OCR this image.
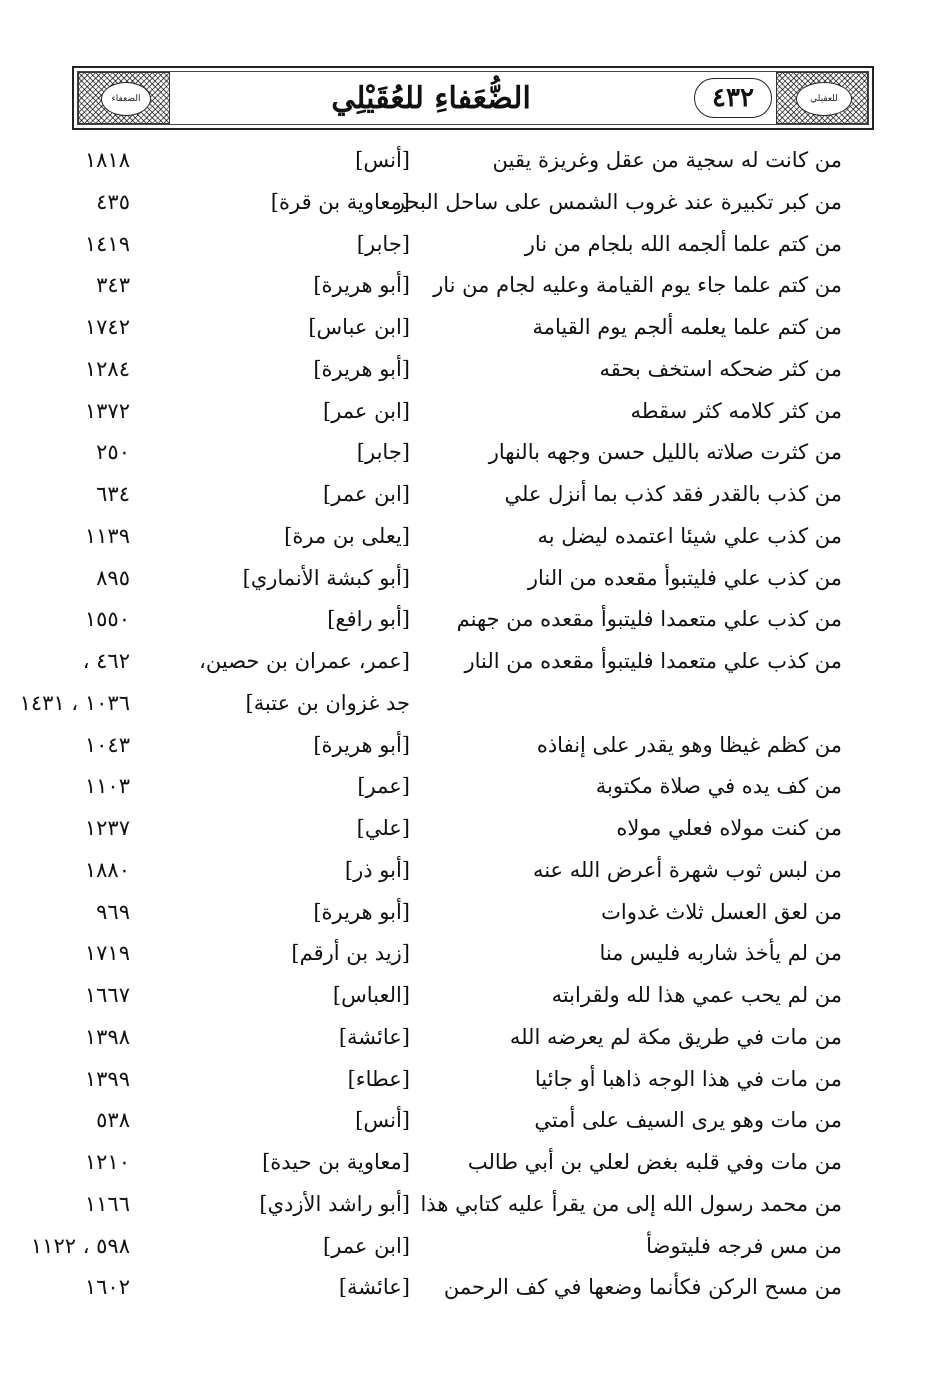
للعقيلي
٤٣٢
الضُّعَفاءِ للعُقَيْلِي
الضعفاء
من كانت له سجية من عقل وغريزة يقين
[أنس]
١٨١٨
من كبر تكبيرة عند غروب الشمس على ساحل البحر
[معاوية بن قرة]
٤٣٥
من كتم علما ألجمه الله بلجام من نار
[جابر]
١٤١٩
من كتم علما جاء يوم القيامة وعليه لجام من نار
[أبو هريرة]
٣٤٣
من كتم علما يعلمه ألجم يوم القيامة
[ابن عباس]
١٧٤٢
من كثر ضحكه استخف بحقه
[أبو هريرة]
١٢٨٤
من كثر كلامه كثر سقطه
[ابن عمر]
١٣٧٢
من كثرت صلاته بالليل حسن وجهه بالنهار
[جابر]
٢٥٠
من كذب بالقدر فقد كذب بما أنزل علي
[ابن عمر]
٦٣٤
من كذب علي شيئا اعتمده ليضل به
[يعلى بن مرة]
١١٣٩
من كذب علي فليتبوأ مقعده من النار
[أبو كبشة الأنماري]
٨٩٥
من كذب علي متعمدا فليتبوأ مقعده من جهنم
[أبو رافع]
١٥٥٠
من كذب علي متعمدا فليتبوأ مقعده من النار
[عمر، عمران بن حصين،
٤٦٢ ،
جد غزوان بن عتبة]
١٠٣٦ ، ١٤٣١
من كظم غيظا وهو يقدر على إنفاذه
[أبو هريرة]
١٠٤٣
من كف يده في صلاة مكتوبة
[عمر]
١١٠٣
من كنت مولاه فعلي مولاه
[علي]
١٢٣٧
من لبس ثوب شهرة أعرض الله عنه
[أبو ذر]
١٨٨٠
من لعق العسل ثلاث غدوات
[أبو هريرة]
٩٦٩
من لم يأخذ شاربه فليس منا
[زيد بن أرقم]
١٧١٩
من لم يحب عمي هذا لله ولقرابته
[العباس]
١٦٦٧
من مات في طريق مكة لم يعرضه الله
[عائشة]
١٣٩٨
من مات في هذا الوجه ذاهبا أو جائيا
[عطاء]
١٣٩٩
من مات وهو يرى السيف على أمتي
[أنس]
٥٣٨
من مات وفي قلبه بغض لعلي بن أبي طالب
[معاوية بن حيدة]
١٢١٠
من محمد رسول الله إلى من يقرأ عليه كتابي هذا
[أبو راشد الأزدي]
١١٦٦
من مس فرجه فليتوضأ
[ابن عمر]
٥٩٨ ، ١١٢٢
من مسح الركن فكأنما وضعها في كف الرحمن
[عائشة]
١٦٠٢
